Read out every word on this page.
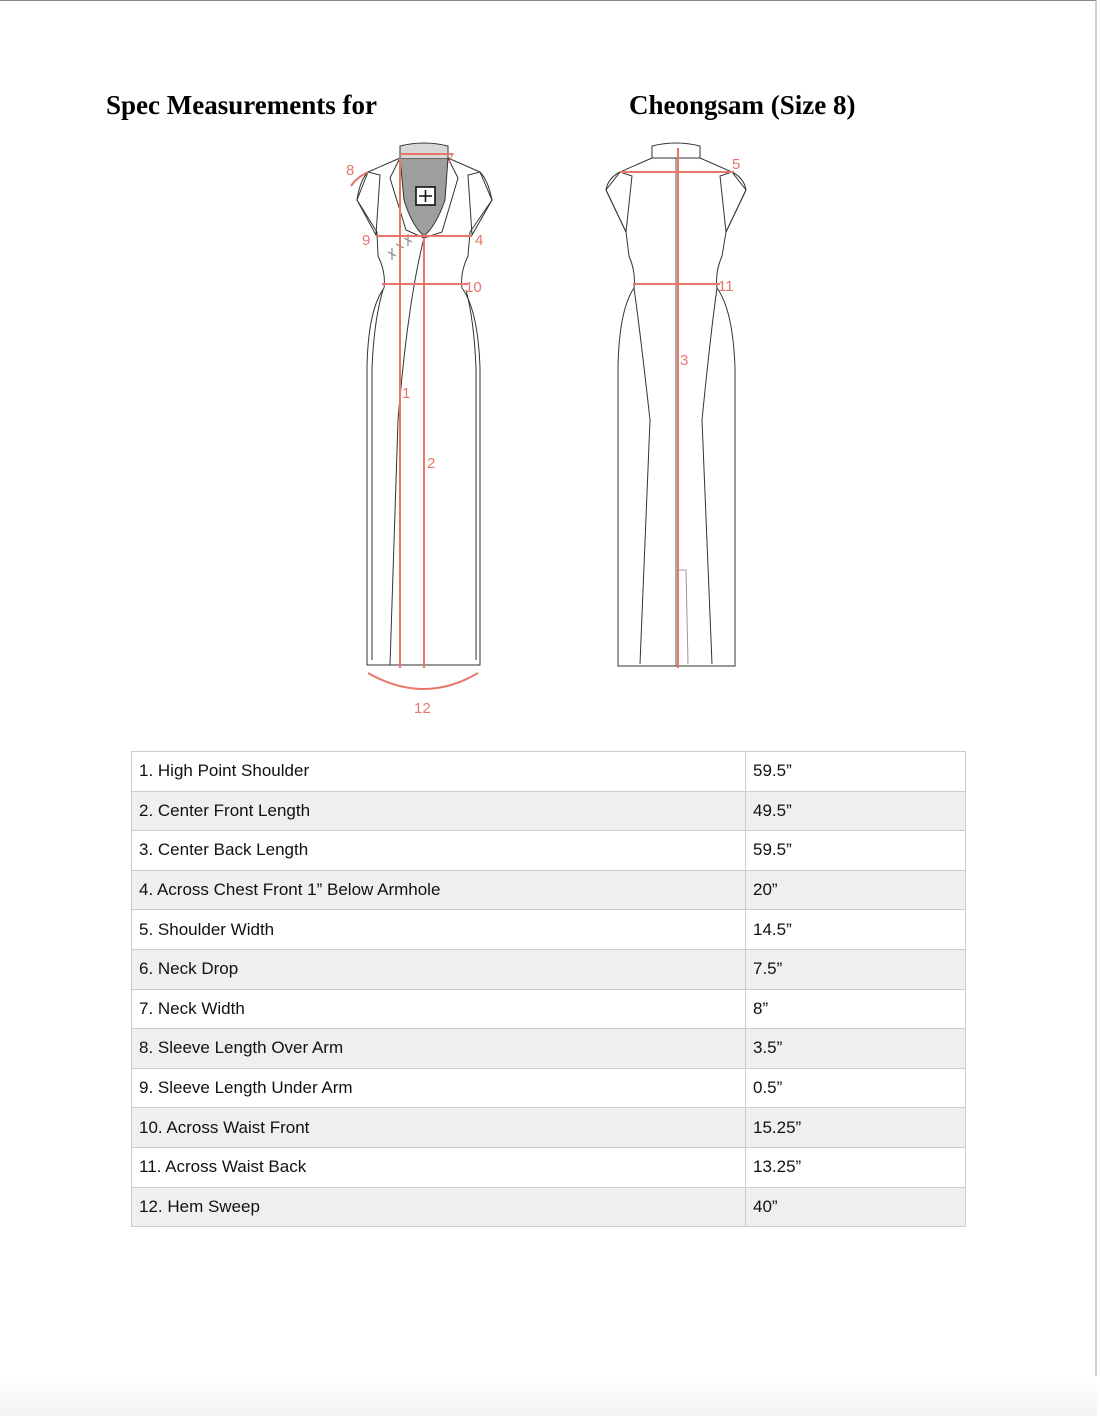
Spec Measurements for	Cheongsam (Size 8)
8
7
9	4
10
1
2
12
5
11
3
1. High Point Shoulder	59.5”
2. Center Front Length	49.5”
3. Center Back Length	59.5”
4. Across Chest Front 1” Below Armhole	20”
5. Shoulder Width	14.5”
6. Neck Drop	7.5”
7. Neck Width	8”
8. Sleeve Length Over Arm	3.5”
9. Sleeve Length Under Arm	0.5”
10. Across Waist Front	15.25”
11. Across Waist Back	13.25”
12. Hem Sweep	40”
